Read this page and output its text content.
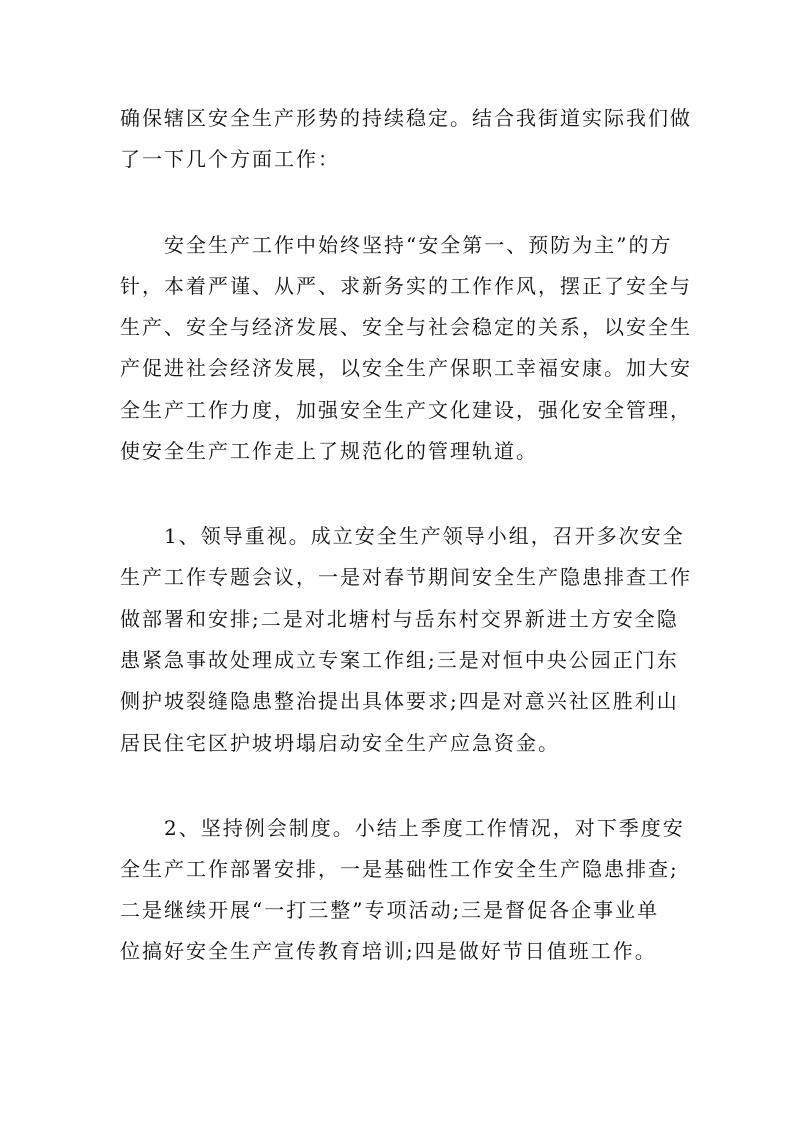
确保辖区安全生产形势的持续稳定。结合我街道实际我们做

了一下几个方面工作：

安全生产工作中始终坚持“安全第一、预防为主”的方

针，本着严谨、从严、求新务实的工作作风，摆正了安全与

生产、安全与经济发展、安全与社会稳定的关系，以安全生

产促进社会经济发展，以安全生产保职工幸福安康。加大安

全生产工作力度，加强安全生产文化建设，强化安全管理，

使安全生产工作走上了规范化的管理轨道。

1、领导重视。成立安全生产领导小组，召开多次安全

生产工作专题会议，一是对春节期间安全生产隐患排查工作

做部署和安排;二是对北塘村与岳东村交界新进土方安全隐

患紧急事故处理成立专案工作组;三是对恒中央公园正门东

侧护坡裂缝隐患整治提出具体要求;四是对意兴社区胜利山

居民住宅区护坡坍塌启动安全生产应急资金。

2、坚持例会制度。小结上季度工作情况，对下季度安

全生产工作部署安排，一是基础性工作安全生产隐患排查;

二是继续开展“一打三整”专项活动;三是督促各企事业单

位搞好安全生产宣传教育培训;四是做好节日值班工作。
